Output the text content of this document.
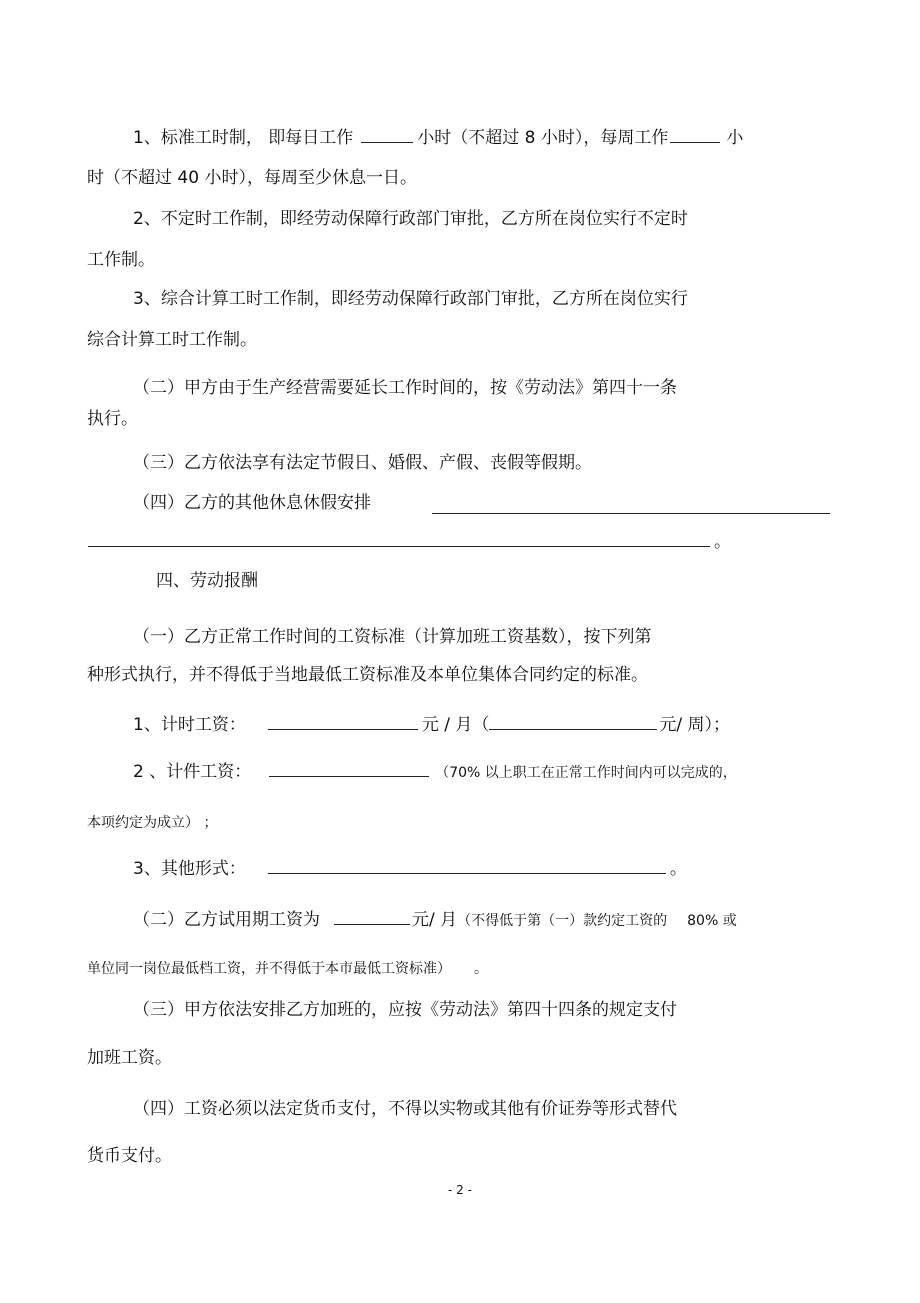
1、标准工时制， 即每日工作	小时（不超过 8 小时），每周工作	小
时（不超过 40 小时），每周至少休息一日。
2、不定时工作制，即经劳动保障行政部门审批，乙方所在岗位实行不定时
工作制。
3、综合计算工时工作制，即经劳动保障行政部门审批，乙方所在岗位实行
综合计算工时工作制。
（二）甲方由于生产经营需要延长工作时间的，按《劳动法》第四十一条
执行。
（三）乙方依法享有法定节假日、婚假、产假、丧假等假期。
（四）乙方的其他休息休假安排
。
四、劳动报酬
（一）乙方正常工作时间的工资标准（计算加班工资基数），按下列第
种形式执行，并不得低于当地最低工资标准及本单位集体合同约定的标准。
1、计时工资：	元 / 月（	元/ 周）；
2 、计件工资：	（70% 以上职工在正常工作时间内可以完成的，
本项约定为成立） ；
3、其他形式：	。
（二）乙方试用期工资为	元/ 月（不得低于第（一）款约定工资的 80% 或
单位同一岗位最低档工资，并不得低于本市最低工资标准） 。
（三）甲方依法安排乙方加班的，应按《劳动法》第四十四条的规定支付
加班工资。
（四）工资必须以法定货币支付，不得以实物或其他有价证券等形式替代
货币支付。
- 2 -
